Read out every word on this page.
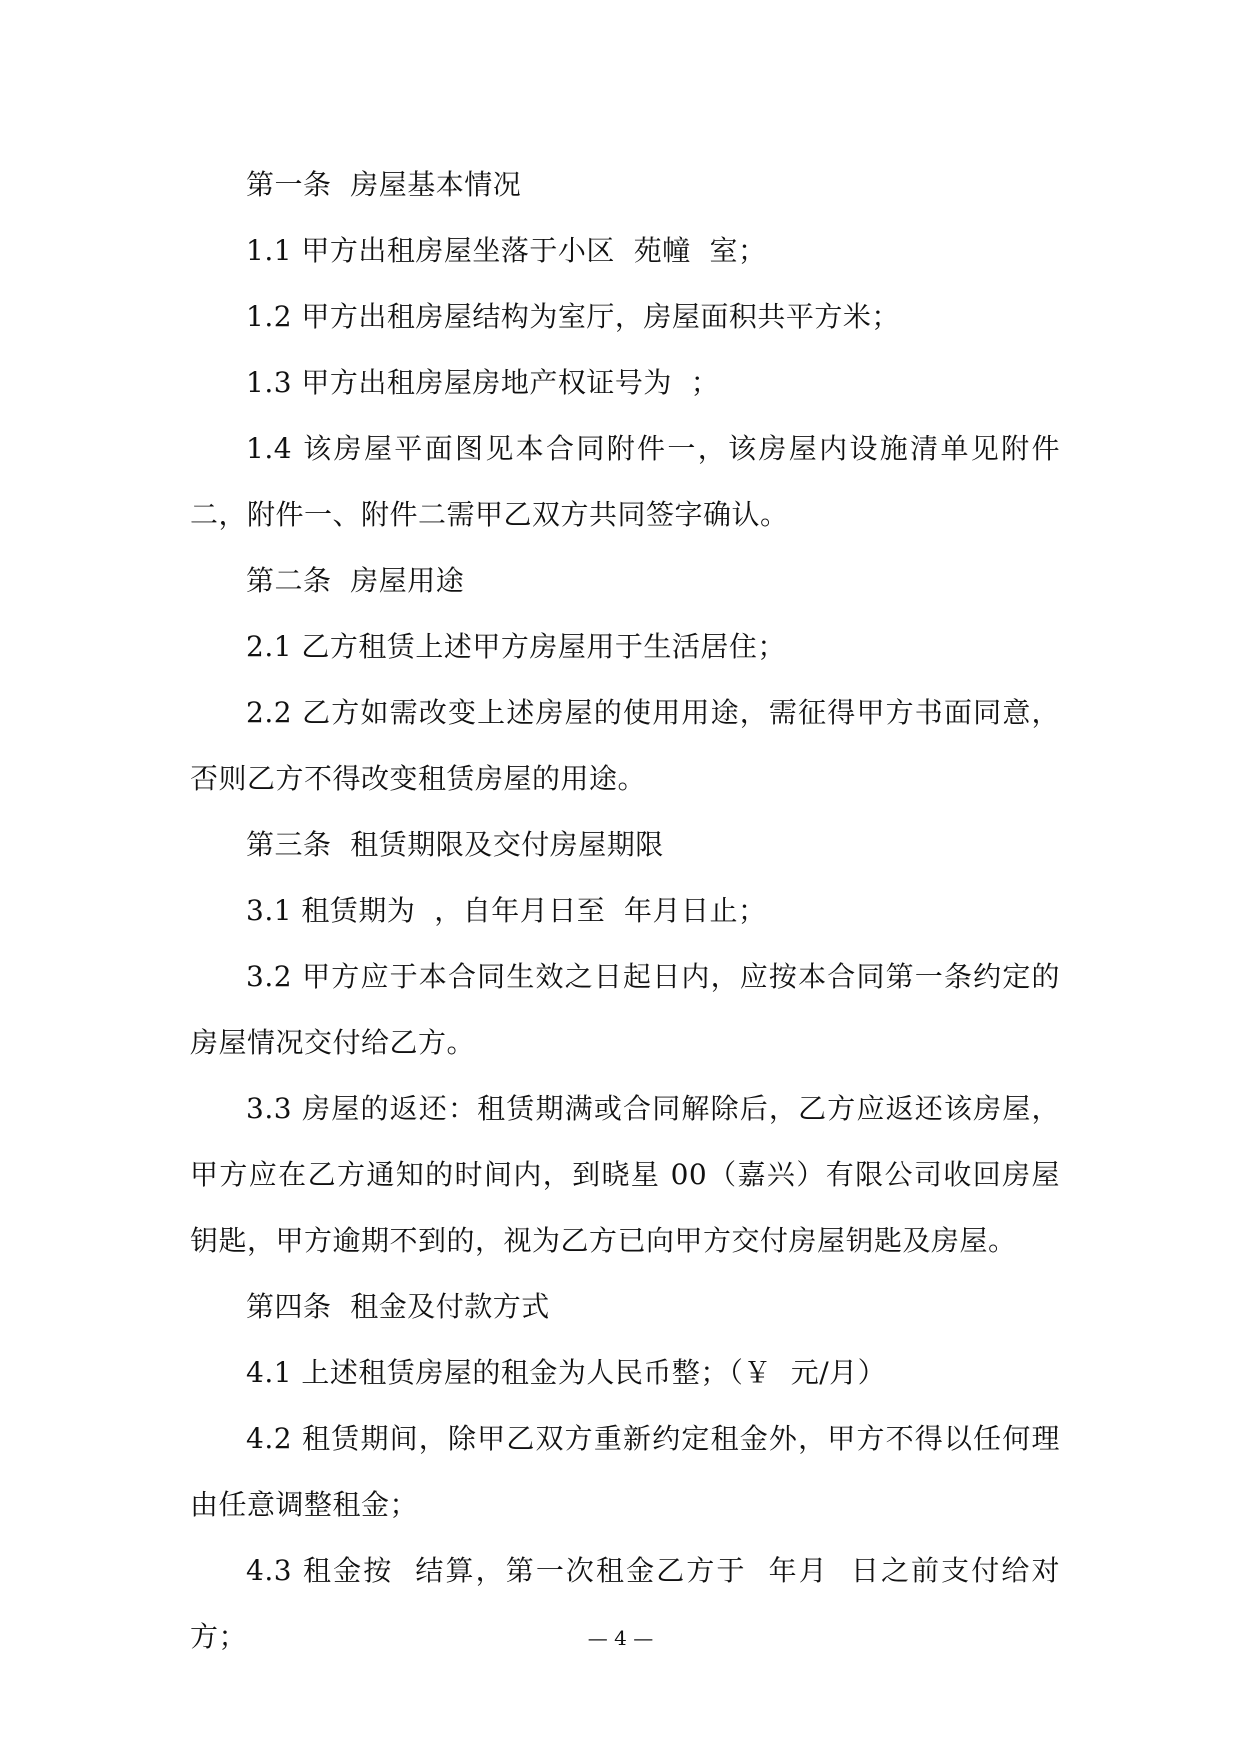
第一条  房屋基本情况

1.1 甲方出租房屋坐落于小区  苑幢  室；

1.2 甲方出租房屋结构为室厅，房屋面积共平方米；

1.3 甲方出租房屋房地产权证号为  ；

1.4 该房屋平面图见本合同附件一，该房屋内设施清单见附件二，附件一、附件二需甲乙双方共同签字确认。

第二条  房屋用途

2.1 乙方租赁上述甲方房屋用于生活居住；

2.2 乙方如需改变上述房屋的使用用途，需征得甲方书面同意，否则乙方不得改变租赁房屋的用途。

第三条  租赁期限及交付房屋期限

3.1 租赁期为  ，自年月日至  年月日止；

3.2 甲方应于本合同生效之日起日内，应按本合同第一条约定的房屋情况交付给乙方。

3.3 房屋的返还：租赁期满或合同解除后，乙方应返还该房屋，甲方应在乙方通知的时间内，到晓星 00（嘉兴）有限公司收回房屋钥匙，甲方逾期不到的，视为乙方已向甲方交付房屋钥匙及房屋。

第四条  租金及付款方式

4.1 上述租赁房屋的租金为人民币整；（￥  元/月）

4.2 租赁期间，除甲乙双方重新约定租金外，甲方不得以任何理由任意调整租金；

4.3 租金按  结算，第一次租金乙方于  年月  日之前支付给对方；	— 4 —
